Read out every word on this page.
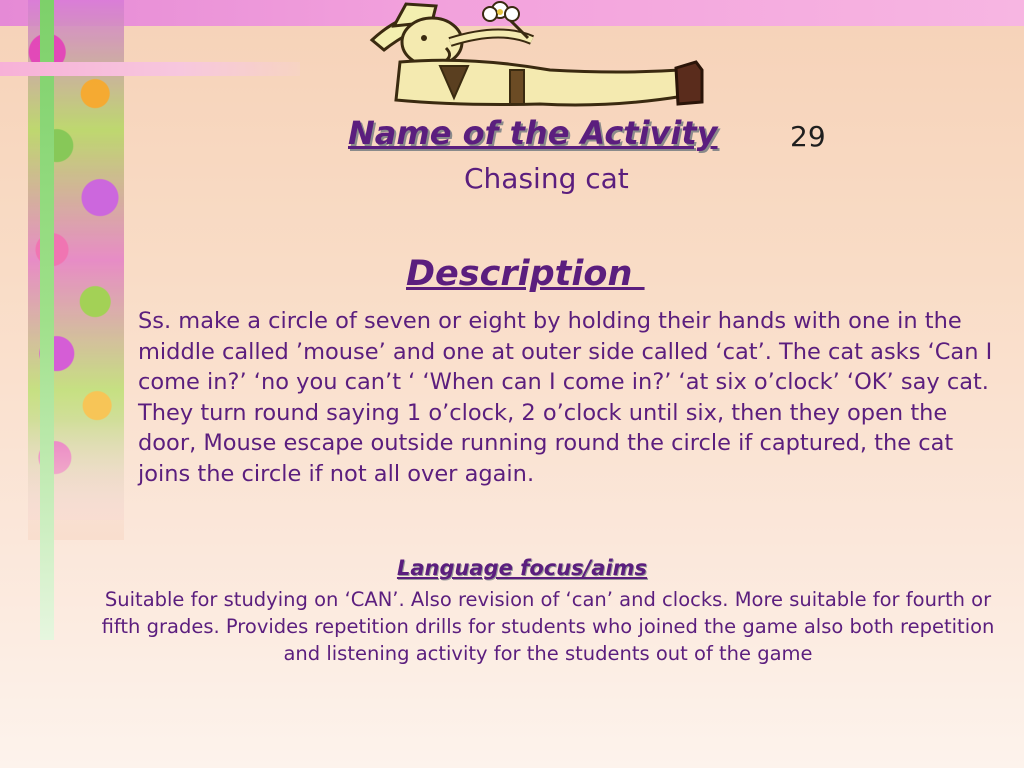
Name of the Activity	29
Chasing cat
Description
Ss. make a circle of seven or eight by holding their hands with one in the middle called ’mouse’ and one at outer side called ‘cat’. The cat asks ‘Can I come in?’ ‘no you can’t ‘ ‘When can I come in?’ ‘at six o’clock’ ‘OK’ say cat. They turn round saying 1 o’clock, 2 o’clock until six, then they open the door, Mouse escape outside running round the circle if captured, the cat joins the circle if not all over again.
Language focus/aims
Suitable for studying on ‘CAN’. Also revision of ‘can’ and clocks. More suitable for fourth or fifth grades. Provides repetition drills for students who joined the game also both repetition and listening activity for the students out of the game
